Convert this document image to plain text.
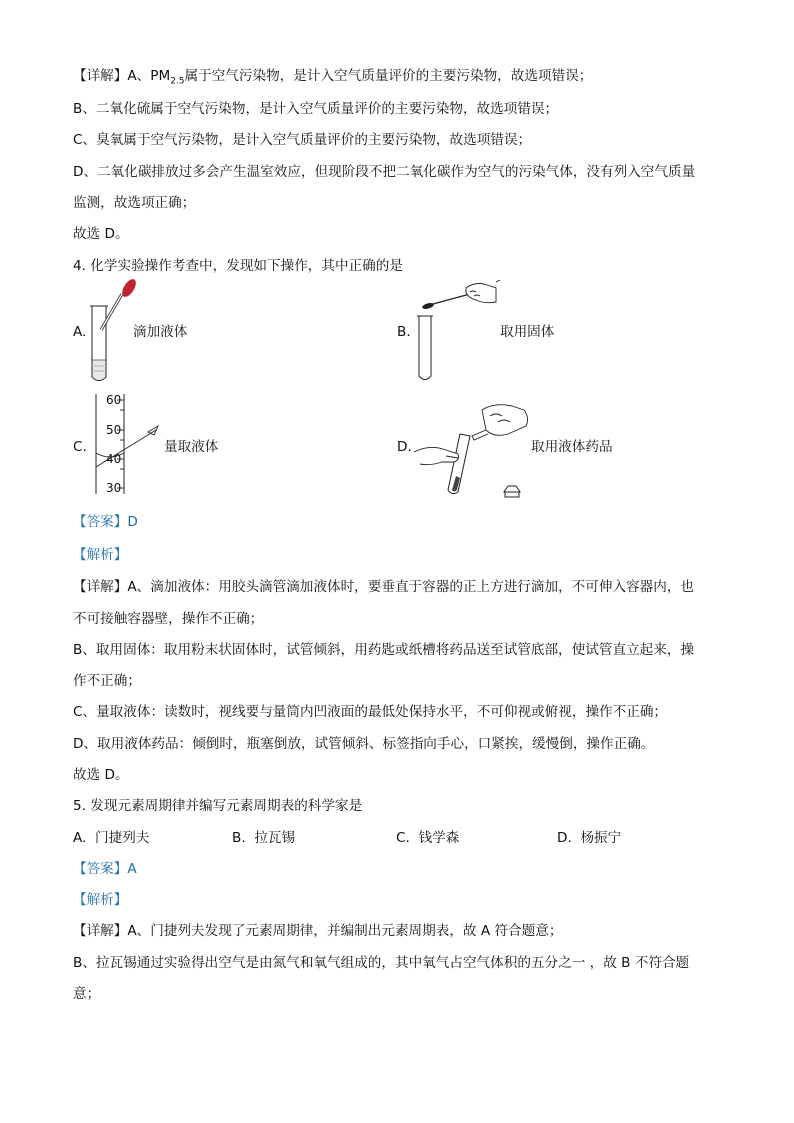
【详解】A、$PM_{2.5}$属于空气污染物，是计入空气质量评价的主要污染物，故选项错误；
B、二氧化硫属于空气污染物，是计入空气质量评价的主要污染物，故选项错误；
C、臭氧属于空气污染物，是计入空气质量评价的主要污染物，故选项错误；
D、二氧化碳排放过多会产生温室效应，但现阶段不把二氧化碳作为空气的污染气体，没有列入空气质量
监测，故选项正确；
故选 D。
4. 化学实验操作考查中，发现如下操作，其中正确的是
A.	滴加液体	B.	取用固体
C.	量取液体
60
50
40
30
D.	取用液体药品
【答案】D
【解析】
【详解】A、滴加液体：用胶头滴管滴加液体时，要垂直于容器的正上方进行滴加，不可伸入容器内，也
不可接触容器壁，操作不正确；
B、取用固体：取用粉末状固体时，试管倾斜，用药匙或纸槽将药品送至试管底部，使试管直立起来，操
作不正确；
C、量取液体：读数时，视线要与量筒内凹液面的最低处保持水平，不可仰视或俯视，操作不正确；
D、取用液体药品：倾倒时，瓶塞倒放，试管倾斜、标签指向手心，口紧挨，缓慢倒，操作正确。
故选 D。
5. 发现元素周期律并编写元素周期表的科学家是
A. 门捷列夫	B. 拉瓦锡	C. 钱学森	D. 杨振宁
【答案】A
【解析】
【详解】A、门捷列夫发现了元素周期律，并编制出元素周期表，故 A 符合题意；
B、拉瓦锡通过实验得出空气是由氮气和氧气组成的，其中氧气占空气体积的五分之一 ，故 B 不符合题
意；
